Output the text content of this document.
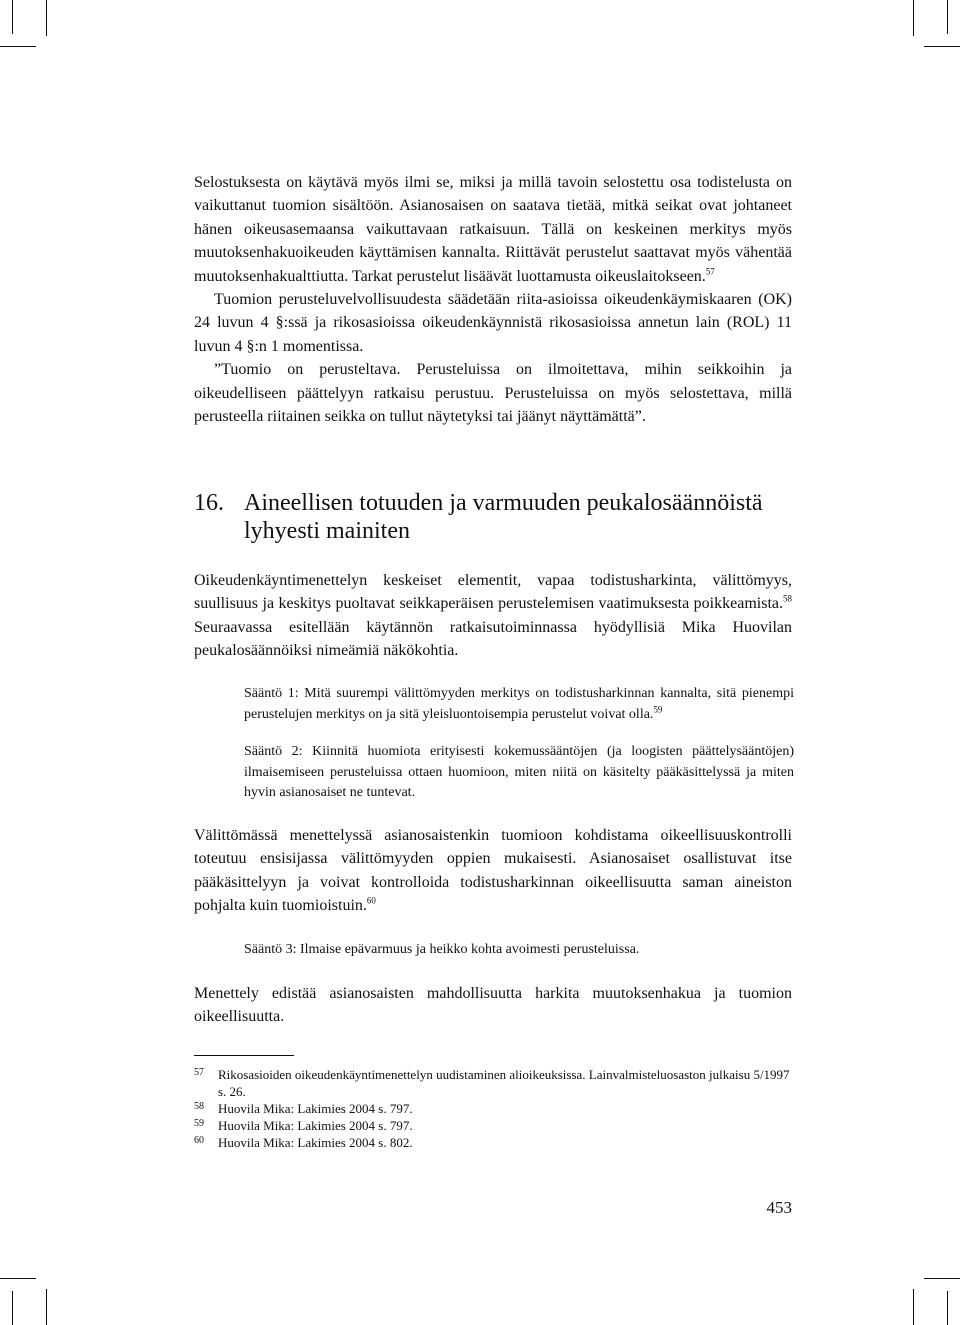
Selostuksesta on käytävä myös ilmi se, miksi ja millä tavoin selostettu osa todistelusta on vaikuttanut tuomion sisältöön. Asianosaisen on saatava tietää, mitkä seikat ovat johtaneet hänen oikeusasemaansa vaikuttavaan ratkaisuun. Tällä on keskeinen merkitys myös muutoksenhakuoikeuden käyttämisen kannalta. Riittävät perustelut saattavat myös vähentää muutoksenhakualttiutta. Tarkat perustelut lisäävät luottamusta oikeuslaitokseen.$^{57}$

Tuomion perusteluvelvollisuudesta säädetään riita-asioissa oikeudenkäymiskaaren (OK) 24 luvun 4 §:ssä ja rikosasioissa oikeudenkäynnistä rikosasioissa annetun lain (ROL) 11 luvun 4 §:n 1 momentissa.

”Tuomio on perusteltava. Perusteluissa on ilmoitettava, mihin seikkoihin ja oikeudelliseen päättelyyn ratkaisu perustuu. Perusteluissa on myös selostettava, millä perusteella riitainen seikka on tullut näytetyksi tai jäänyt näyttämättä”.

16. Aineellisen totuuden ja varmuuden peukalosäännöistä lyhyesti mainiten

Oikeudenkäyntimenettelyn keskeiset elementit, vapaa todistusharkinta, välittömyys, suullisuus ja keskitys puoltavat seikkaperäisen perustelemisen vaatimuksesta poikkeamista.$^{58}$ Seuraavassa esitellään käytännön ratkaisutoiminnassa hyödyllisiä Mika Huovilan peukalosäännöiksi nimeämiä näkökohtia.

Sääntö 1: Mitä suurempi välittömyyden merkitys on todistusharkinnan kannalta, sitä pienempi perustelujen merkitys on ja sitä yleisluontoisempia perustelut voivat olla.$^{59}$
Sääntö 2: Kiinnitä huomiota erityisesti kokemussääntöjen (ja loogisten päättelysääntöjen) ilmaisemiseen perusteluissa ottaen huomioon, miten niitä on käsitelty pääkäsittelyssä ja miten hyvin asianosaiset ne tuntevat.

Välittömässä menettelyssä asianosaistenkin tuomioon kohdistama oikeellisuuskontrolli toteutuu ensisijassa välittömyyden oppien mukaisesti. Asianosaiset osallistuvat itse pääkäsittelyyn ja voivat kontrolloida todistusharkinnan oikeellisuutta saman aineiston pohjalta kuin tuomioistuin.$^{60}$

Sääntö 3: Ilmaise epävarmuus ja heikko kohta avoimesti perusteluissa.

Menettely edistää asianosaisten mahdollisuutta harkita muutoksenhakua ja tuomion oikeellisuutta.

57	Rikosasioiden oikeudenkäyntimenettelyn uudistaminen alioikeuksissa. Lainvalmisteluosaston julkaisu 5/1997 s. 26.
58	Huovila Mika: Lakimies 2004 s. 797.
59	Huovila Mika: Lakimies 2004 s. 797.
60	Huovila Mika: Lakimies 2004 s. 802.
453
